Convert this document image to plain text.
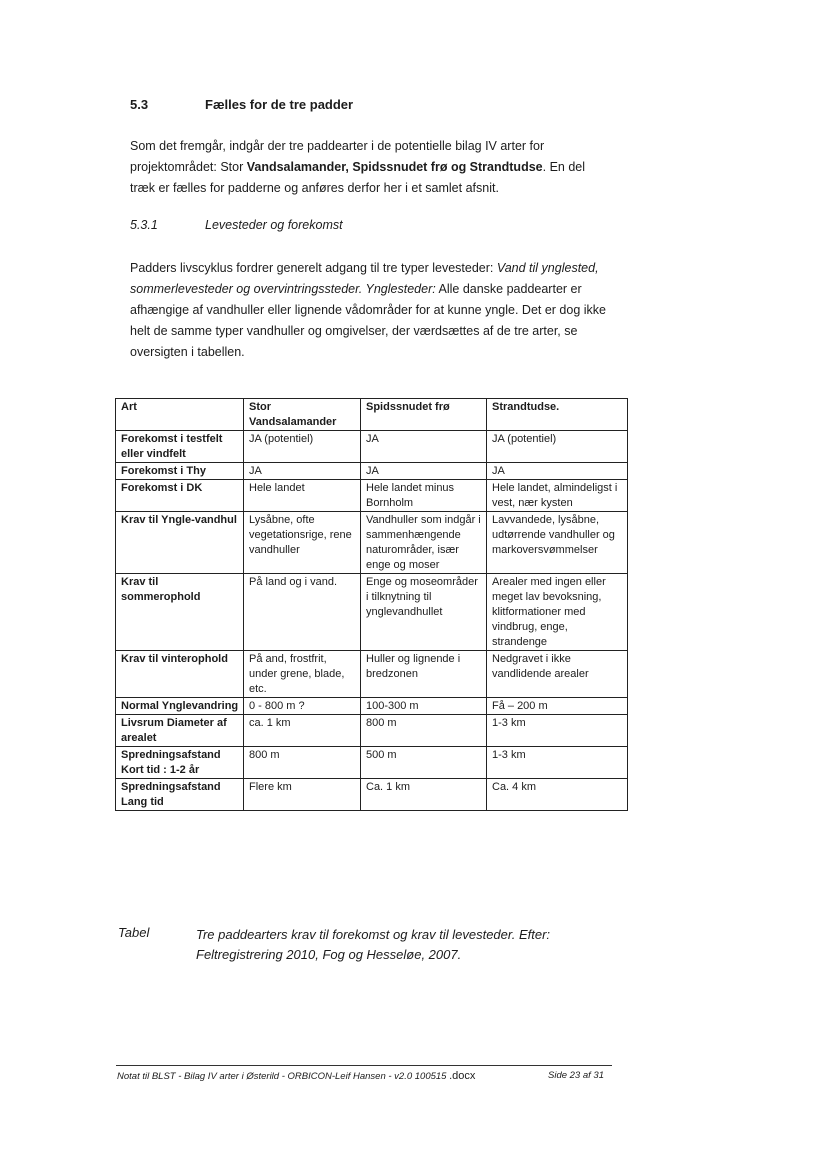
5.3	Fælles for de tre padder
Som det fremgår, indgår der tre paddearter i de potentielle bilag IV arter for projektområdet: Stor Vandsalamander, Spidssnudet frø og Strandtudse. En del træk er fælles for padderne og anføres derfor her i et samlet afsnit.
5.3.1	Levesteder og forekomst
Padders livscyklus fordrer generelt adgang til tre typer levesteder: Vand til ynglested, sommerlevesteder og overvintringssteder. Ynglesteder: Alle danske paddearter er afhængige af vandhuller eller lignende vådområder for at kunne yngle. Det er dog ikke helt de samme typer vandhuller og omgivelser, der værdsættes af de tre arter, se oversigten i tabellen.
Art	Stor Vandsalamander	Spidssnudet frø	Strandtudse.
Forekomst i testfelt eller vindfelt	JA (potentiel)	JA	JA (potentiel)
Forekomst i Thy	JA	JA	JA
Forekomst i DK	Hele landet	Hele landet minus Bornholm	Hele landet, almindeligst i vest, nær kysten
Krav til Yngle-vandhul	Lysåbne, ofte vegetationsrige, rene vandhuller	Vandhuller som indgår i sammenhængende naturområder, især enge og moser	Lavvandede, lysåbne, udtørrende vandhuller og markoversvømmelser
Krav til sommerophold	På land og i vand.	Enge og moseområder i tilknytning til ynglevandhullet	Arealer med ingen eller meget lav bevoksning, klitformationer med vindbrug, enge, strandenge
Krav til vinterophold	På and, frostfrit, under grene, blade, etc.	Huller og lignende i bredzonen	Nedgravet i ikke vandlidende arealer
Normal Ynglevandring	0 - 800 m ?	100-300 m	Få – 200 m
Livsrum Diameter af arealet	ca. 1 km	800 m	1-3 km
Spredningsafstand Kort tid : 1-2 år	800 m	500 m	1-3 km
Spredningsafstand Lang tid	Flere km	Ca. 1 km	Ca. 4 km
Tabel	Tre paddearters krav til forekomst og krav til levesteder. Efter: Feltregistrering 2010, Fog og Hesseløe, 2007.
Notat til BLST - Bilag IV arter i Østerild - ORBICON-Leif Hansen - v2.0 100515 .docx	Side 23 af 31
